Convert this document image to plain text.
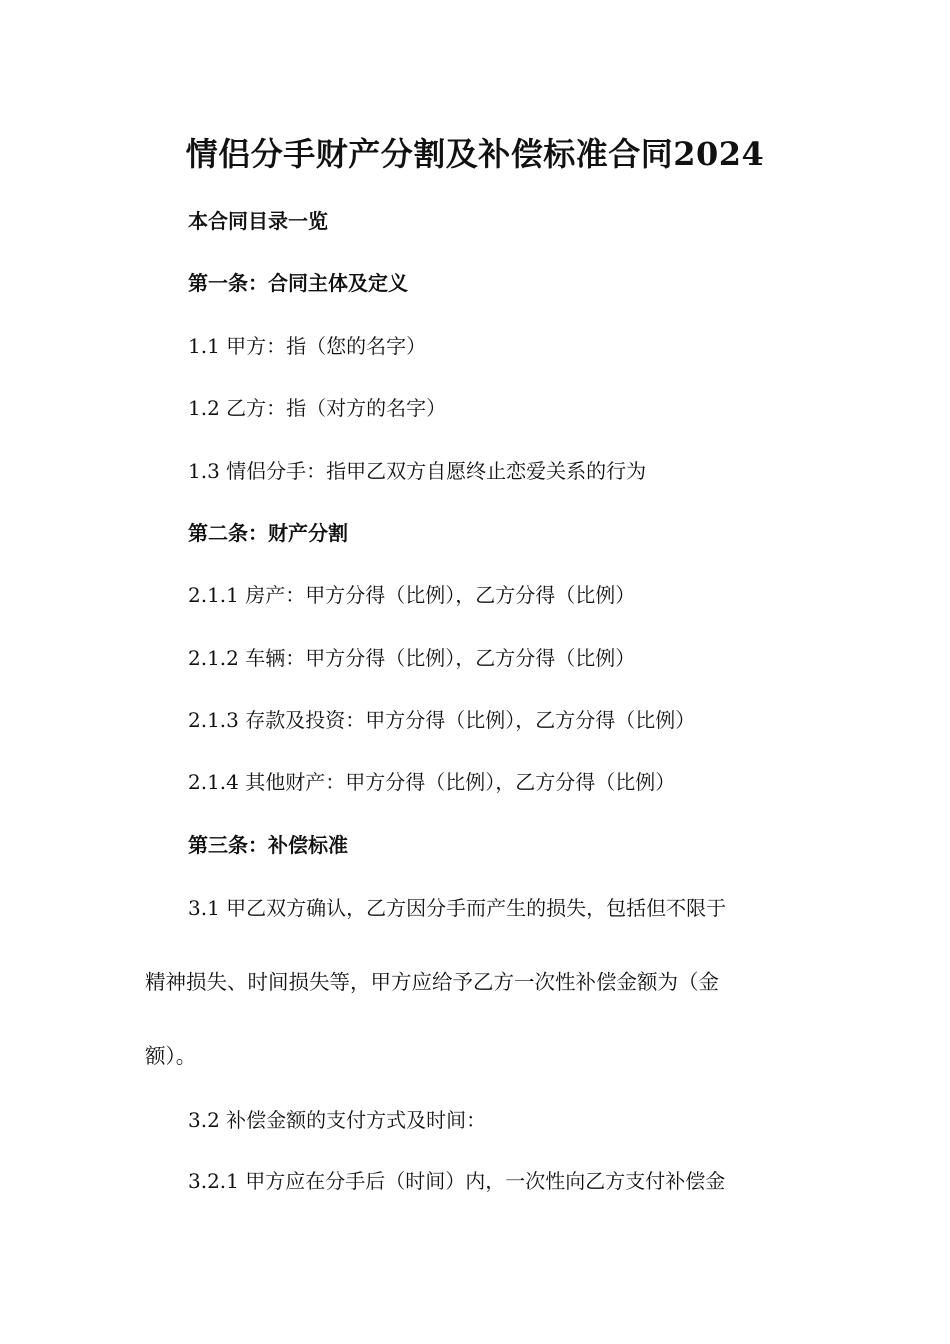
情侣分手财产分割及补偿标准合同2024
本合同目录一览
第一条：合同主体及定义
1.1 甲方：指（您的名字）
1.2 乙方：指（对方的名字）
1.3 情侣分手：指甲乙双方自愿终止恋爱关系的行为
第二条：财产分割
2.1.1 房产：甲方分得（比例），乙方分得（比例）
2.1.2 车辆：甲方分得（比例），乙方分得（比例）
2.1.3 存款及投资：甲方分得（比例），乙方分得（比例）
2.1.4 其他财产：甲方分得（比例），乙方分得（比例）
第三条：补偿标准
3.1 甲乙双方确认，乙方因分手而产生的损失，包括但不限于
精神损失、时间损失等，甲方应给予乙方一次性补偿金额为（金
额）。
3.2 补偿金额的支付方式及时间：
3.2.1 甲方应在分手后（时间）内，一次性向乙方支付补偿金
